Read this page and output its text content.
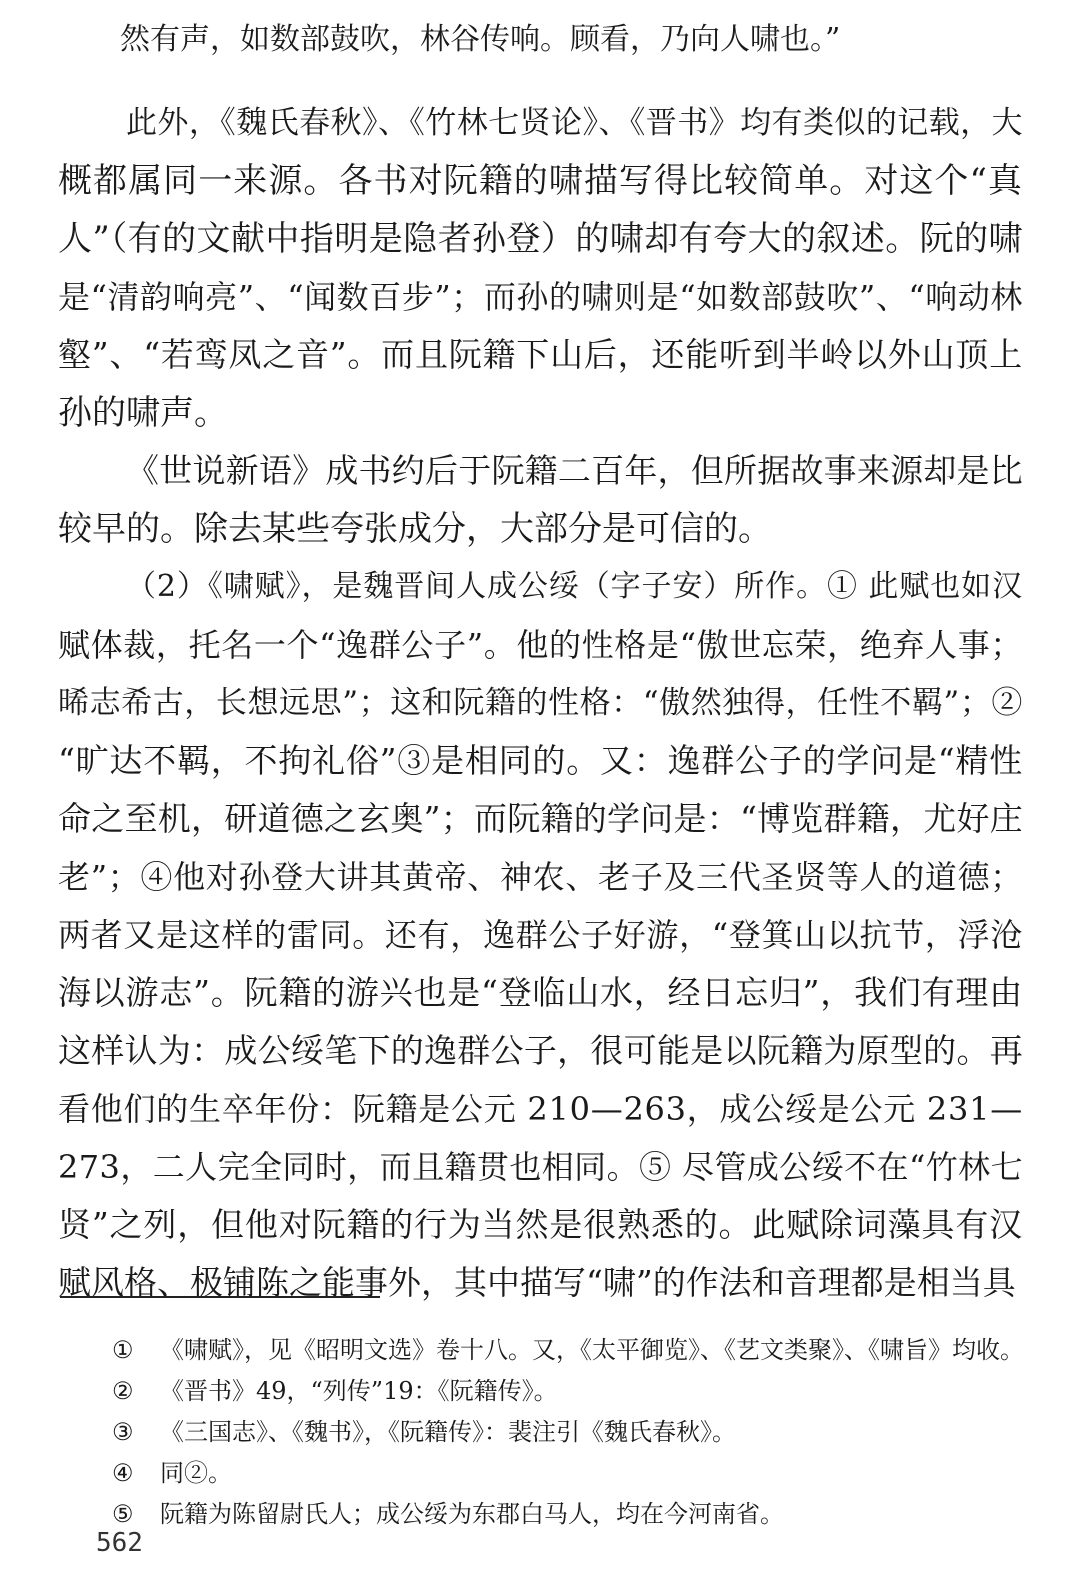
然有声，如数部鼓吹，林谷传响。顾看，乃向人啸也。”
此外，《魏氏春秋》、《竹林七贤论》、《晋书》均有类似的记载，大
概都属同一来源。各书对阮籍的啸描写得比较简单。对这个“真
人”（有的文献中指明是隐者孙登）的啸却有夸大的叙述。阮的啸
是“清韵响亮”、“闻数百步”；而孙的啸则是“如数部鼓吹”、“响动林
壑”、“若鸾凤之音”。而且阮籍下山后，还能听到半岭以外山顶上
孙的啸声。
《世说新语》成书约后于阮籍二百年，但所据故事来源却是比
较早的。除去某些夸张成分，大部分是可信的。
（2）《啸赋》，是魏晋间人成公绥（字子安）所作。① 此赋也如汉
赋体裁，托名一个“逸群公子”。他的性格是“傲世忘荣，绝弃人事；
晞志希古，长想远思”；这和阮籍的性格：“傲然独得，任性不羁”；②
“旷达不羁，不拘礼俗”③是相同的。又：逸群公子的学问是“精性
命之至机，研道德之玄奥”；而阮籍的学问是：“博览群籍，尤好庄
老”；④他对孙登大讲其黄帝、神农、老子及三代圣贤等人的道德；
两者又是这样的雷同。还有，逸群公子好游，“登箕山以抗节，浮沧
海以游志”。阮籍的游兴也是“登临山水，经日忘归”，我们有理由
这样认为：成公绥笔下的逸群公子，很可能是以阮籍为原型的。再
看他们的生卒年份：阮籍是公元 210—263，成公绥是公元 231—
273，二人完全同时，而且籍贯也相同。⑤ 尽管成公绥不在“竹林七
贤”之列，但他对阮籍的行为当然是很熟悉的。此赋除词藻具有汉
赋风格、极铺陈之能事外，其中描写“啸”的作法和音理都是相当具
①	《啸赋》，见《昭明文选》卷十八。又，《太平御览》、《艺文类聚》、《啸旨》均收。
②	《晋书》49，“列传”19：《阮籍传》。
③	《三国志》、《魏书》，《阮籍传》：裴注引《魏氏春秋》。
④	同②。
⑤	阮籍为陈留尉氏人；成公绥为东郡白马人，均在今河南省。
562
